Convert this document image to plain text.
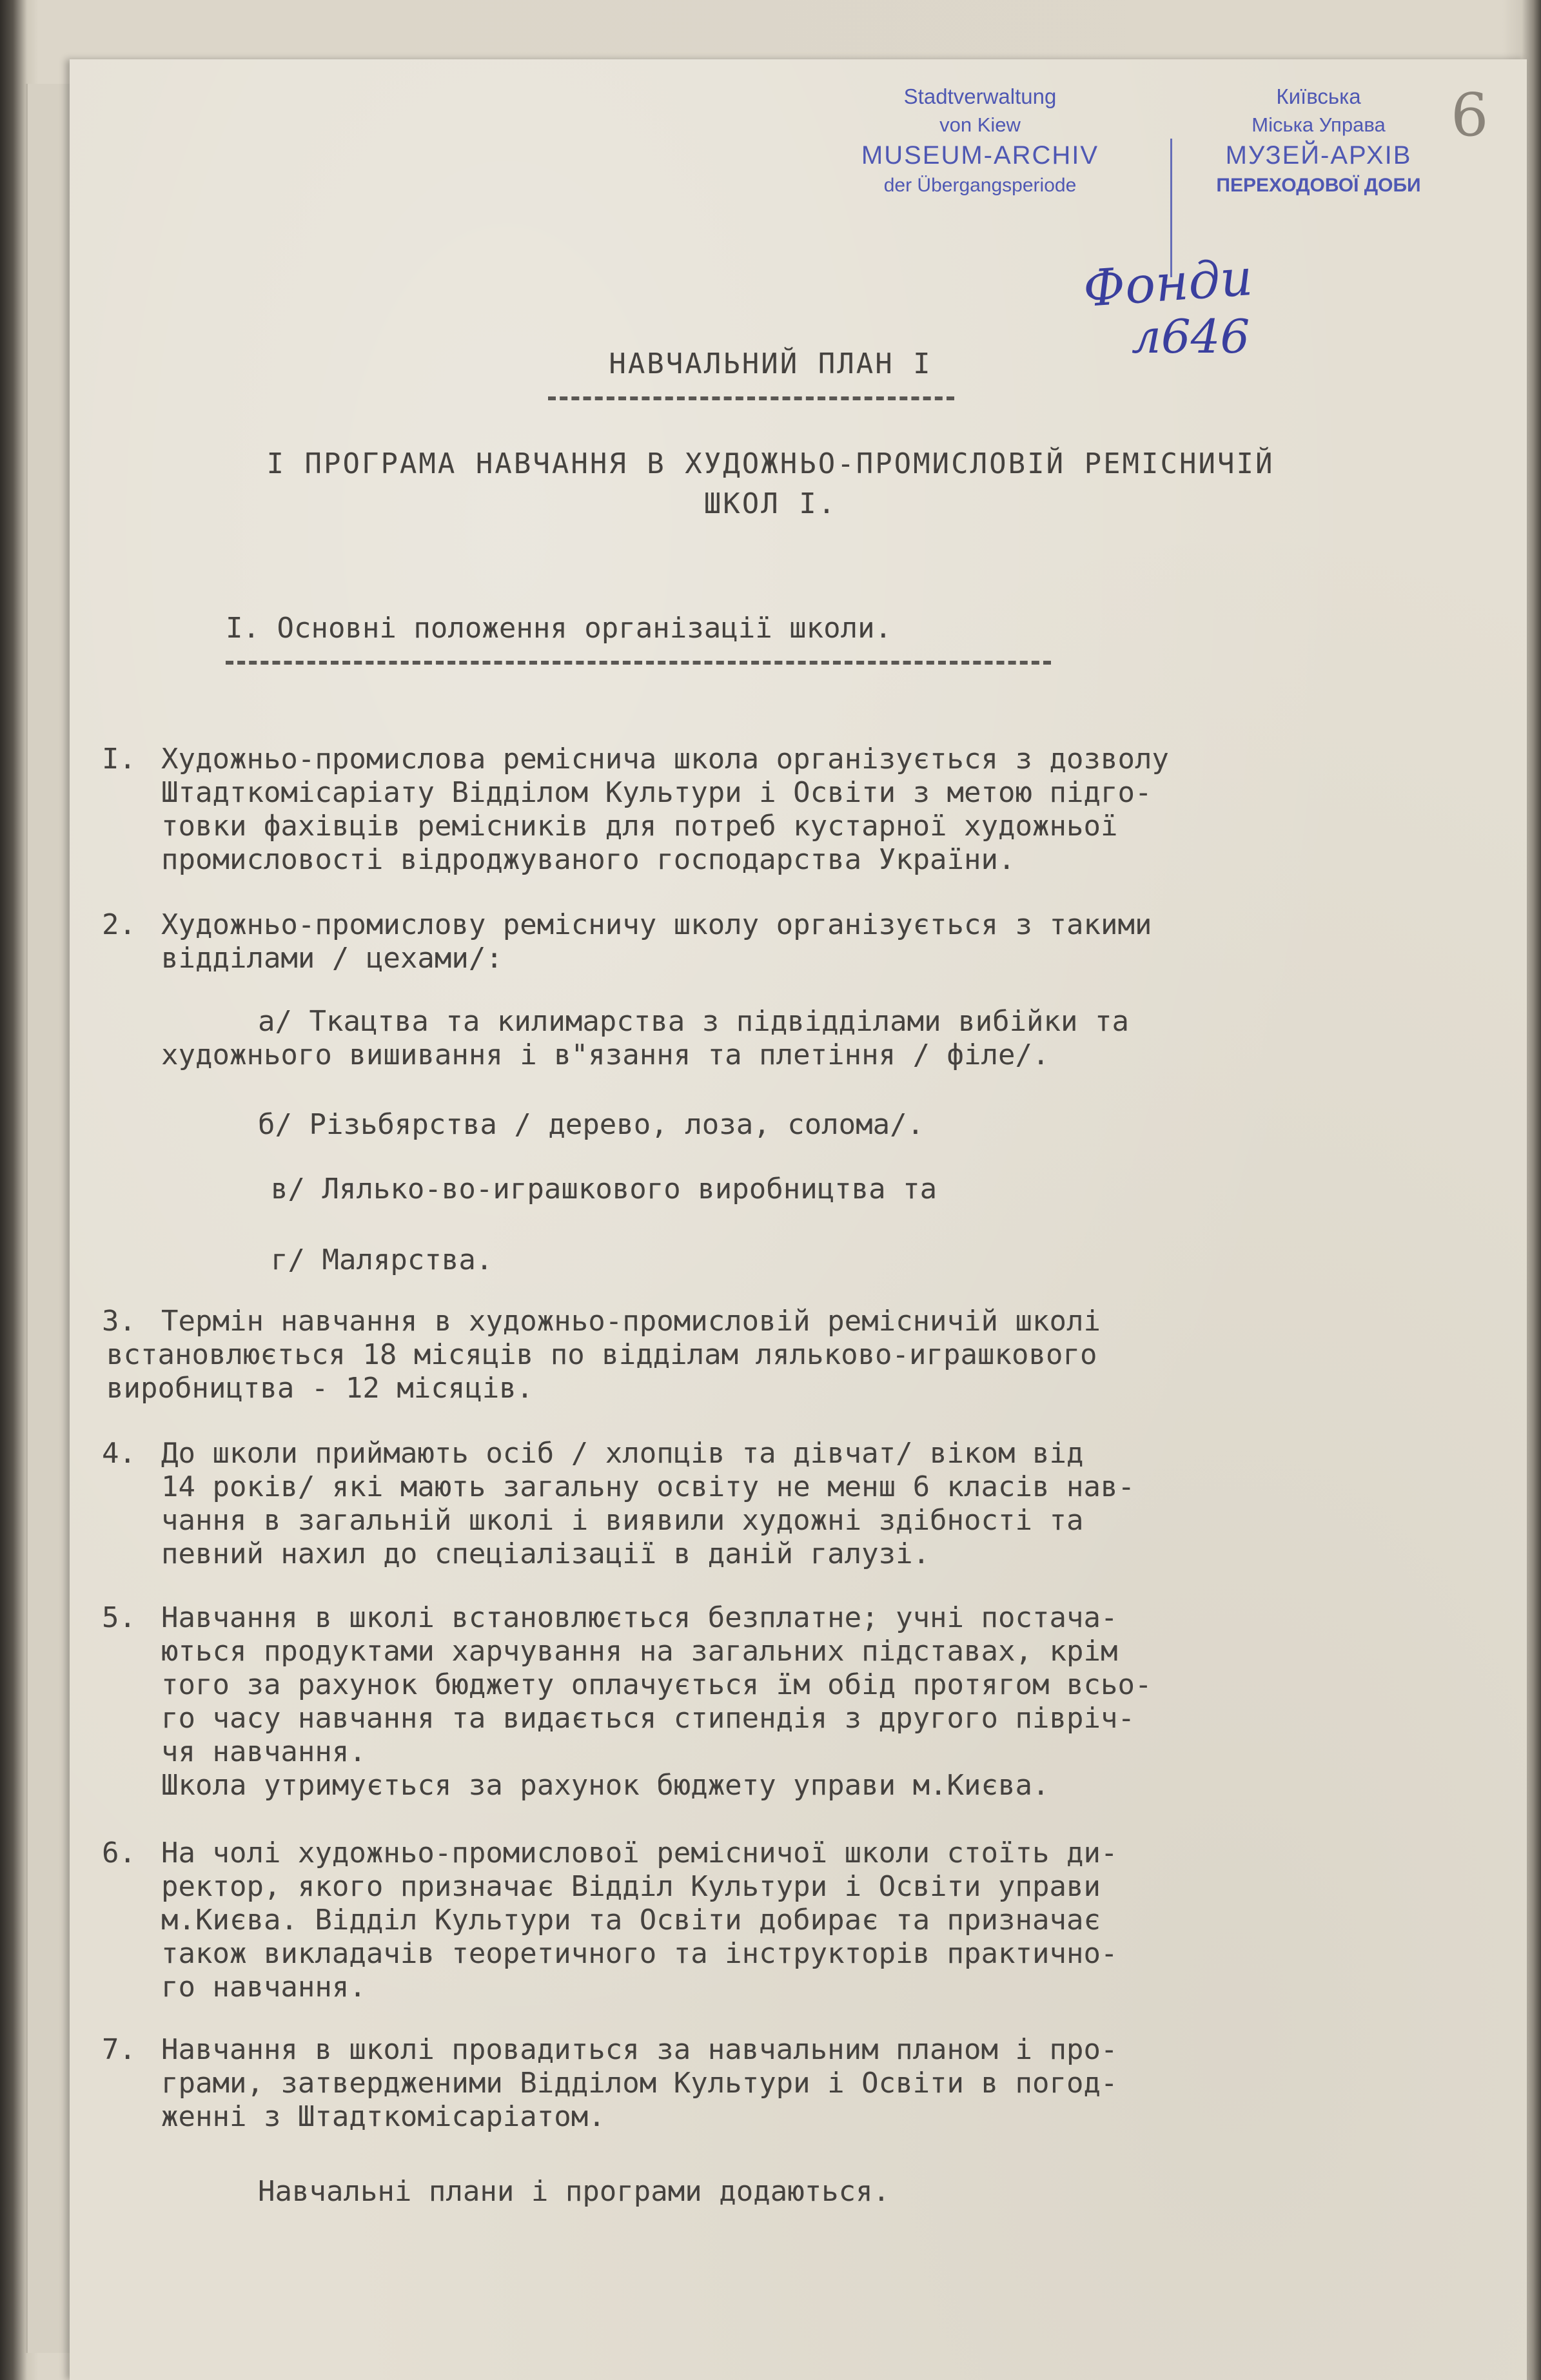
Stadtverwaltung
von Kiew
MUSEUM-ARCHIV
der Übergangsperiode
Київська
Міська Управа
МУЗЕЙ-АРХІВ
ПЕРЕХОДОВОЇ ДОБИ
6
Фонди
л646
НАВЧАЛЬНИЙ ПЛАН І
І ПРОГРАМА НАВЧАННЯ В ХУДОЖНЬО-ПРОМИСЛОВІЙ РЕМІСНИЧІЙ
ШКОЛ І.
І. Основні положення організації школи.
І. Художньо-промислова ремісничa школа організується з дозволу
Штадткомісаріату Відділом Культури і Освіти з метою підго-
товки фахівців ремісників для потреб кустарної художньої
промисловості відроджуваного господарства України.
2. Художньо-промислову ремісничу школу організується з такими
відділами / цехами/:
а/ Ткацтва та килимарства з підвідділами вибійки та
художнього вишивання і в"язання та плетіння / філе/.
б/ Різьбярства / дерево, лоза, солома/.
в/ Лялько-во-играшкового виробництва та
г/ Малярства.
3. Термін навчання в художньо-промисловій ремісничій школі
встановлюється 18 місяців по відділам ляльково-играшкового
виробництва - 12 місяців.
4. До школи приймають осіб / хлопців та дівчат/ віком від
14 років/ які мають загальну освіту не менш 6 класів нав-
чання в загальній школі і виявили художні здібності та
певний нахил до спеціалізації в даній галузі.
5. Навчання в школі встановлюється безплатне; учні постача-
ються продуктами харчування на загальних підставах, крім
того за рахунок бюджету оплачується їм обід протягом всьо-
го часу навчання та видається стипендія з другого півріч-
чя навчання.
Школа утримується за рахунок бюджету управи м.Києва.
6. На чолі художньо-промислової ремісничої школи стоїть ди-
ректор, якого призначає Відділ Культури і Освіти управи
м.Києва. Відділ Культури та Освіти добирає та призначає
також викладачів теоретичного та інструкторів практично-
го навчання.
7. Навчання в школі провадиться за навчальним планом і про-
грами, затвердженими Відділом Культури і Освіти в погод-
женні з Штадткомісаріатом.
Навчальні плани і програми додаються.
